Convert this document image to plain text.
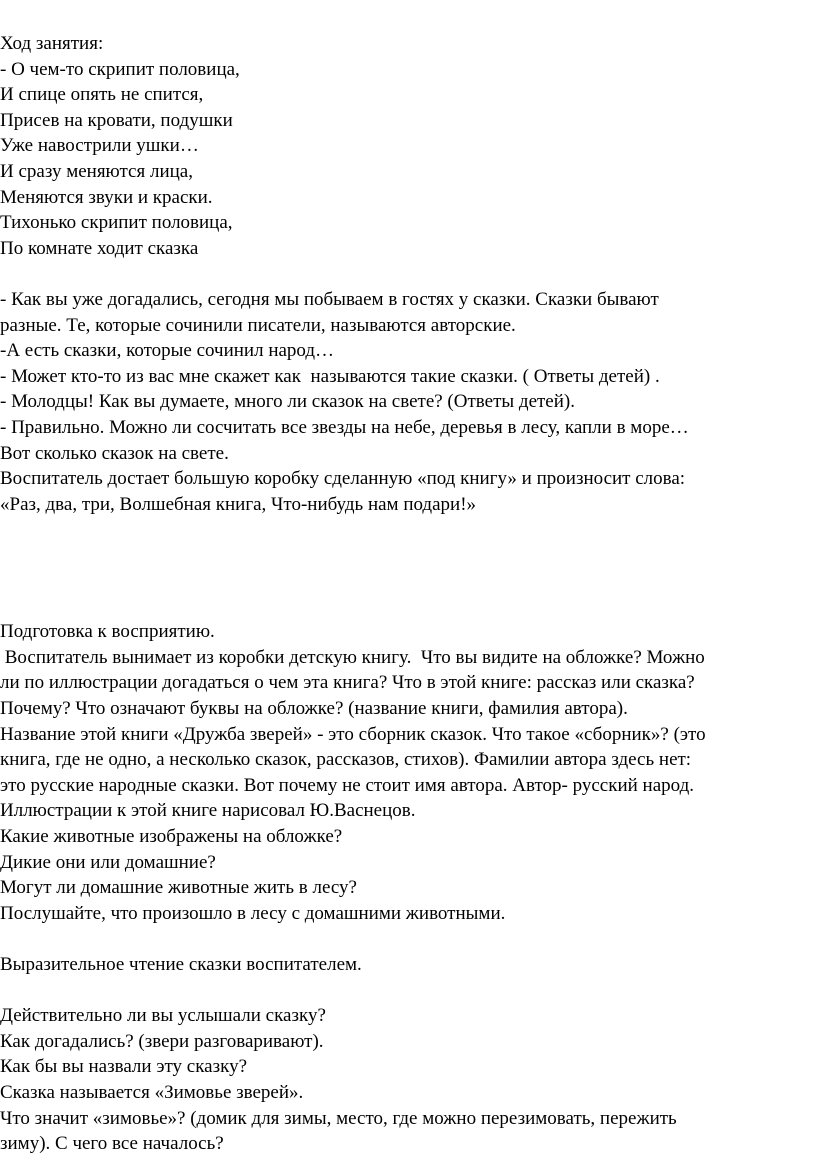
Ход занятия:
- О чем-то скрипит половица,
И спице опять не спится,
Присев на кровати, подушки
Уже навострили ушки…
И сразу меняются лица,
Меняются звуки и краски.
Тихонько скрипит половица,
По комнате ходит сказка
- Как вы уже догадались, сегодня мы побываем в гостях у сказки. Сказки бывают
разные. Те, которые сочинили писатели, называются авторские.
-А есть сказки, которые сочинил народ…
- Может кто-то из вас мне скажет как  называются такие сказки. ( Ответы детей) .
- Молодцы! Как вы думаете, много ли сказок на свете? (Ответы детей).
- Правильно. Можно ли сосчитать все звезды на небе, деревья в лесу, капли в море…
Вот сколько сказок на свете.
Воспитатель достает большую коробку сделанную «под книгу» и произносит слова:
«Раз, два, три, Волшебная книга, Что-нибудь нам подари!»
Подготовка к восприятию.
Воспитатель вынимает из коробки детскую книгу.  Что вы видите на обложке? Можно
ли по иллюстрации догадаться о чем эта книга? Что в этой книге: рассказ или сказка?
Почему? Что означают буквы на обложке? (название книги, фамилия автора).
Название этой книги «Дружба зверей» - это сборник сказок. Что такое «сборник»? (это
книга, где не одно, а несколько сказок, рассказов, стихов). Фамилии автора здесь нет:
это русские народные сказки. Вот почему не стоит имя автора. Автор- русский народ.
Иллюстрации к этой книге нарисовал Ю.Васнецов.
Какие животные изображены на обложке?
Дикие они или домашние?
Могут ли домашние животные жить в лесу?
Послушайте, что произошло в лесу с домашними животными.
Выразительное чтение сказки воспитателем.
Действительно ли вы услышали сказку?
Как догадались? (звери разговаривают).
Как бы вы назвали эту сказку?
Сказка называется «Зимовье зверей».
Что значит «зимовье»? (домик для зимы, место, где можно перезимовать, пережить
зиму). С чего все началось?
